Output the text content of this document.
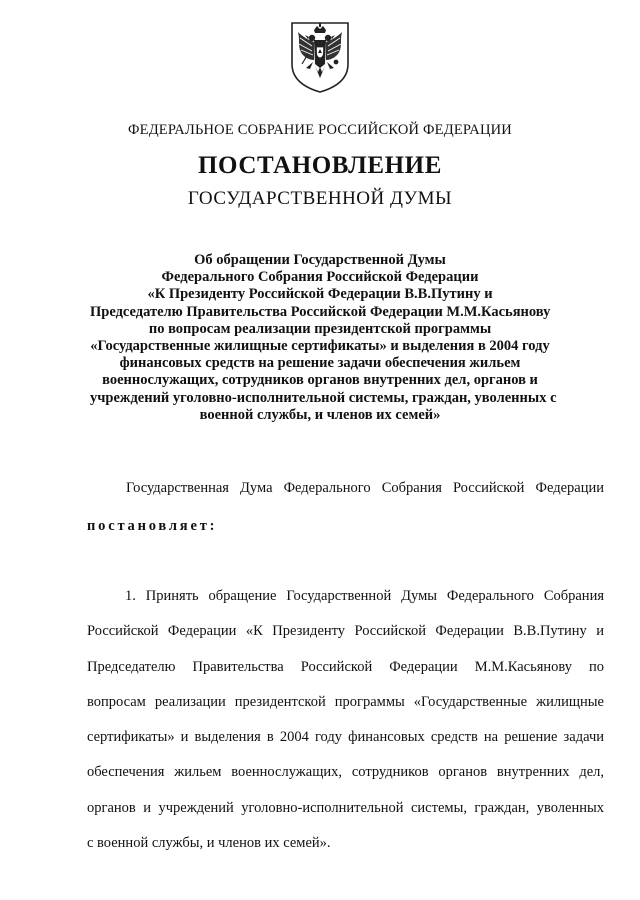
ФЕДЕРАЛЬНОЕ СОБРАНИЕ РОССИЙСКОЙ ФЕДЕРАЦИИ
ПОСТАНОВЛЕНИЕ
ГОСУДАРСТВЕННОЙ ДУМЫ
Об обращении Государственной Думы
Федерального Собрания Российской Федерации
«К Президенту Российской Федерации В.В.Путину и
Председателю Правительства Российской Федерации М.М.Касьянову
по вопросам реализации президентской программы
«Государственные жилищные сертификаты» и выделения в 2004 году
финансовых средств на решение задачи обеспечения жильем
военнослужащих, сотрудников органов внутренних дел, органов и
учреждений уголовно-исполнительной системы, граждан, уволенных с
военной службы, и членов их семей»
Государственная Дума Федерального Собрания Российской Федерации
постановляет:
1. Принять обращение Государственной Думы Федерального Собрания
Российской Федерации «К Президенту Российской Федерации В.В.Путину и
Председателю Правительства Российской Федерации М.М.Касьянову по
вопросам реализации президентской программы «Государственные жилищные
сертификаты» и выделения в 2004 году финансовых средств на решение задачи
обеспечения жильем военнослужащих, сотрудников органов внутренних дел,
органов и учреждений уголовно-исполнительной системы, граждан, уволенных
с военной службы, и членов их семей».
